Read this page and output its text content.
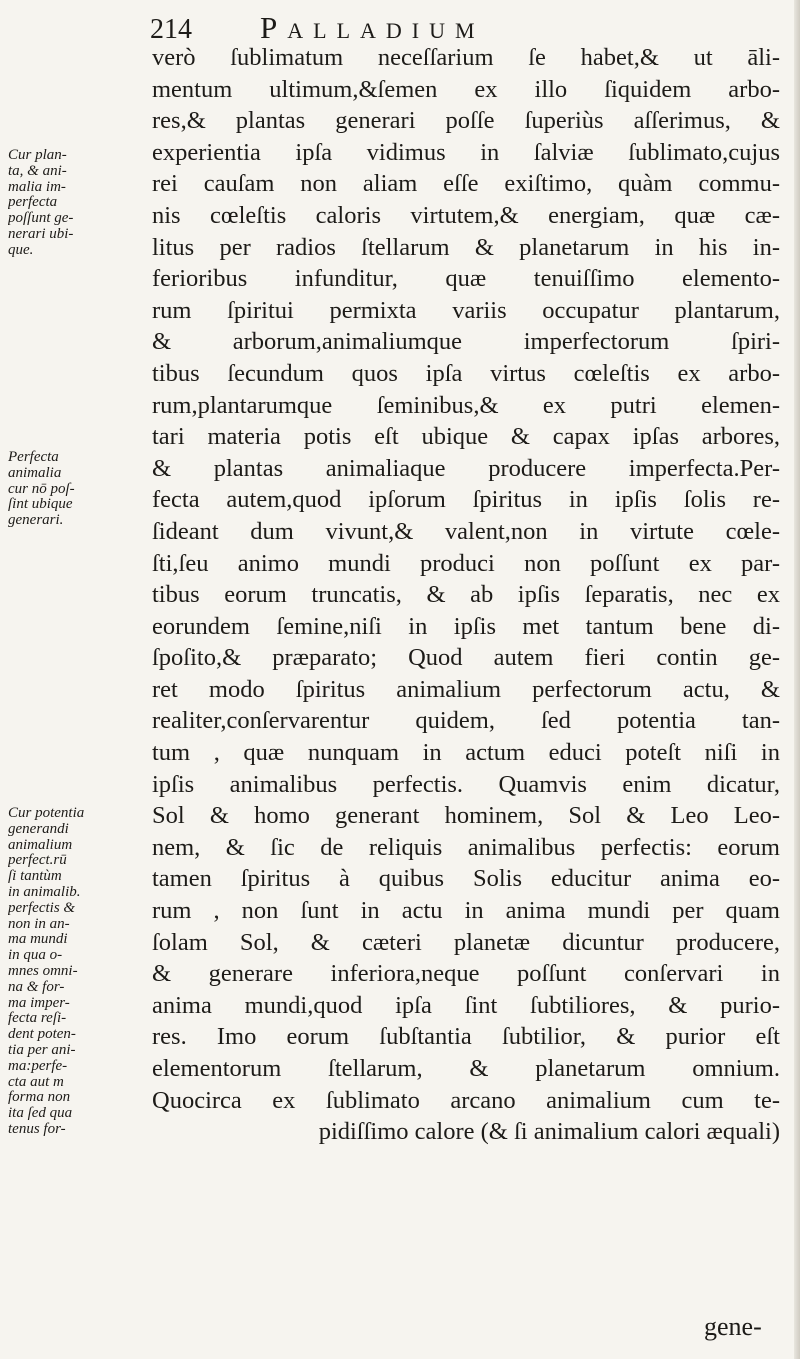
214	Palladium
verò ſublimatum neceſſarium ſe habet,& ut āli-
mentum ultimum,&ſemen ex illo ſiquidem arbo-
res,& plantas generari poſſe ſuperiùs aſſerimus, &
experientia ipſa vidimus in ſalviæ ſublimato,cujus
rei cauſam non aliam eſſe exiſtimo, quàm commu-
nis cœleſtis caloris virtutem,& energiam, quæ cæ-
litus per radios ſtellarum & planetarum in his in-
ferioribus infunditur, quæ tenuiſſimo elemento-
rum ſpiritui permixta variis occupatur plantarum,
& arborum,animaliumque imperfectorum ſpiri-
tibus ſecundum quos ipſa virtus cœleſtis ex arbo-
rum,plantarumque ſeminibus,& ex putri elemen-
tari materia potis eſt ubique & capax ipſas arbores,
& plantas animaliaque producere imperfecta.Per-
fecta autem,quod ipſorum ſpiritus in ipſis ſolis re-
ſideant dum vivunt,& valent,non in virtute cœle-
ſti,ſeu animo mundi produci non poſſunt ex par-
tibus eorum truncatis, & ab ipſis ſeparatis, nec ex
eorundem ſemine,niſi in ipſis met tantum bene di-
ſpoſito,& præparato; Quod autem fieri contin ge-
ret modo ſpiritus animalium perfectorum actu, &
realiter,conſervarentur quidem, ſed potentia tan-
tum , quæ nunquam in actum educi poteſt niſi in
ipſis animalibus perfectis. Quamvis enim dicatur,
Sol & homo generant hominem, Sol & Leo Leo-
nem, & ſic de reliquis animalibus perfectis: eorum
tamen ſpiritus à quibus Solis educitur anima eo-
rum , non ſunt in actu in anima mundi per quam
ſolam Sol, & cæteri planetæ dicuntur producere,
& generare inferiora,neque poſſunt conſervari in
anima mundi,quod ipſa ſint ſubtiliores, & purio-
res. Imo eorum ſubſtantia ſubtilior, & purior eſt
elementorum ſtellarum, & planetarum omnium.
Quocirca ex ſublimato arcano animalium cum te-
pidiſſimo calore (& ſi animalium calori æquali)
Cur plan-
ta, & ani-
malia im-
perfecta
poſſunt ge-
nerari ubi-
que.
Perfecta
animalia
cur nō poſ-
ſint ubique
generari.
Cur potentia
generandi
animalium
perfect.rū
ſi tantùm
in animalib.
perfectis &
non in an-
ma mundi
in qua o-
mnes omni-
na & for-
ma imper-
fecta reſi-
dent poten-
tia per ani-
ma:perfe-
cta aut m
forma non
ita ſed qua
tenus for-
gene-
